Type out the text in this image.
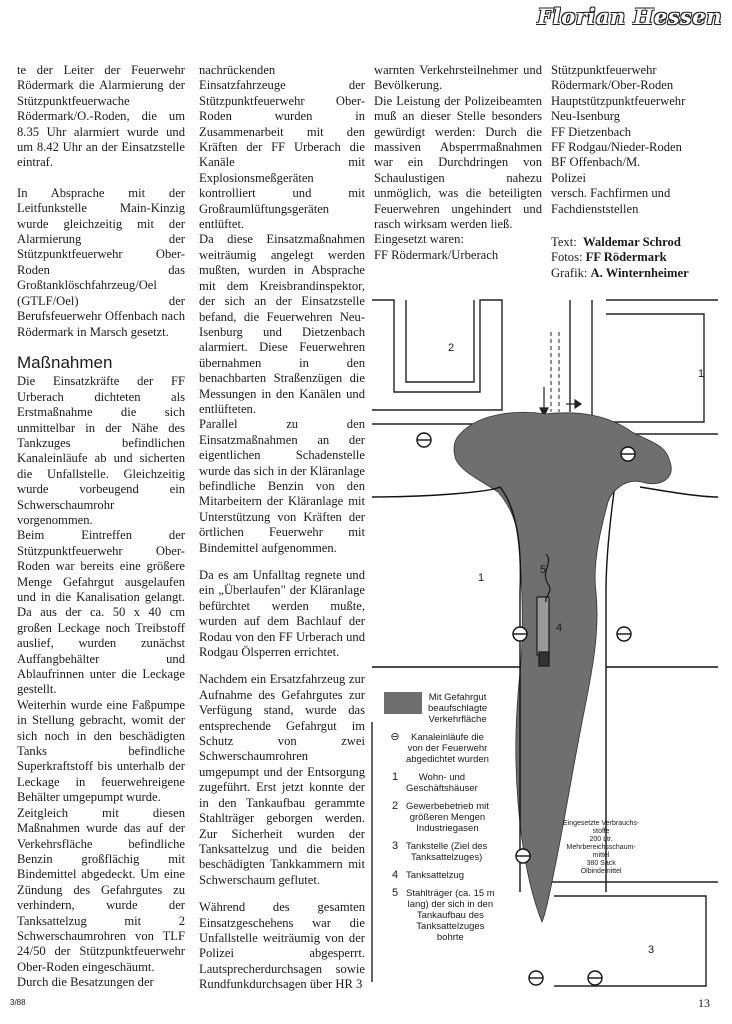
Florian Hessen

te der Leiter der Feuerwehr Rödermark die Alarmierung der Stützpunktfeuerwache Rödermark/O.-Roden, die um 8.35 Uhr alarmiert wurde und um 8.42 Uhr an der Einsatzstelle eintraf.

In Absprache mit der Leitfunkstelle Main-Kinzig wurde gleichzeitig mit der Alarmierung der Stützpunktfeuerwehr Ober-Roden das Großtanklöschfahrzeug/Oel (GTLF/Oel) der Berufsfeuerwehr Offenbach nach Rödermark in Marsch gesetzt.

Maßnahmen

Die Einsatzkräfte der FF Urberach dichteten als Erstmaßnahme die sich unmittelbar in der Nähe des Tankzuges befindlichen Kanaleinläufe ab und sicherten die Unfallstelle. Gleichzeitig wurde vorbeugend ein Schwerschaumrohr vorgenommen.

Beim Eintreffen der Stützpunktfeuerwehr Ober-Roden war bereits eine größere Menge Gefahrgut ausgelaufen und in die Kanalisation gelangt. Da aus der ca. 50 x 40 cm großen Leckage noch Treibstoff auslief, wurden zunächst Auffangbehälter und Ablaufrinnen unter die Leckage gestellt.

Weiterhin wurde eine Faßpumpe in Stellung gebracht, womit der sich noch in den beschädigten Tanks befindliche Superkraftstoff bis unterhalb der Leckage in feuerwehreigene Behälter umgepumpt wurde.

Zeitgleich mit diesen Maßnahmen wurde das auf der Verkehrsfläche befindliche Benzin großflächig mit Bindemittel abgedeckt. Um eine Zündung des Gefahrgutes zu verhindern, wurde der Tanksattelzug mit 2 Schwerschaumrohren von TLF 24/50 der Stützpunktfeuerwehr Ober-Roden eingeschäumt.

Durch die Besatzungen der

nachrückenden Einsatzfahrzeuge der Stützpunktfeuerwehr Ober-Roden wurden in Zusammenarbeit mit den Kräften der FF Urberach die Kanäle mit Explosionsmeßgeräten kontrolliert und mit Großraumlüftungsgeräten entlüftet.

Da diese Einsatzmaßnahmen weiträumig angelegt werden mußten, wurden in Absprache mit dem Kreisbrandinspektor, der sich an der Einsatzstelle befand, die Feuerwehren Neu-Isenburg und Dietzenbach alarmiert. Diese Feuerwehren übernahmen in den benachbarten Straßenzügen die Messungen in den Kanälen und entlüfteten.

Parallel zu den Einsatzmaßnahmen an der eigentlichen Schadenstelle wurde das sich in der Kläranlage befindliche Benzin von den Mitarbeitern der Kläranlage mit Unterstützung von Kräften der örtlichen Feuerwehr mit Bindemittel aufgenommen.

Da es am Unfalltag regnete und ein „Überlaufen" der Kläranlage befürchtet werden mußte, wurden auf dem Bachlauf der Rodau von den FF Urberach und Rodgau Ölsperren errichtet.

Nachdem ein Ersatzfahrzeug zur Aufnahme des Gefahrgutes zur Verfügung stand, wurde das entsprechende Gefahrgut im Schutz von zwei Schwerschaumrohren umgepumpt und der Entsorgung zugeführt. Erst jetzt konnte der in den Tankaufbau gerammte Stahlträger geborgen werden. Zur Sicherheit wurden der Tanksattelzug und die beiden beschädigten Tankkammern mit Schwerschaum geflutet.

Während des gesamten Einsatzgeschehens war die Unfallstelle weiträumig von der Polizei abgesperrt. Lautsprecherdurchsagen sowie Rundfunkdurchsagen über HR 3

warnten Verkehrsteilnehmer und Bevölkerung.

Die Leistung der Polizeibeamten muß an dieser Stelle besonders gewürdigt werden: Durch die massiven Absperrmaßnahmen war ein Durchdringen von Schaulustigen nahezu unmöglich, was die beteiligten Feuerwehren ungehindert und rasch wirksam werden ließ.

Eingesetzt waren:
FF Rödermark/Urberach

Stützpunktfeuerwehr
Rödermark/Ober-Roden
Hauptstützpunktfeuerwehr
Neu-Isenburg
FF Dietzenbach
FF Rodgau/Nieder-Roden
BF Offenbach/M.
Polizei
versch. Fachfirmen und
Fachdienststellen

Text: Waldemar Schrod
Fotos: FF Rödermark
Grafik: A. Winternheimer
2
1
1
5
4
3
Mit Gefahrgut
beaufschlagte
Verkehrfläche
⊖	Kanaleinläufe die
von der Feuerwehr
abgedichtet wurden
1	Wohn- und
Geschäftshäuser
2 Gewerbebetrieb mit
größeren Mengen
Industriegasen
3 Tankstelle (Ziel des
Tanksattelzuges)
4 Tanksattelzug
5 Stahlträger (ca. 15 m
lang) der sich in den
Tankaufbau des
Tanksattelzuges
bohrte
Eingesetzte Verbrauchs-
stoffe
200 Ltr.
Mehrbereichsschaum-
mittel
380 Sack
Ölbindemittel
3/88	13
